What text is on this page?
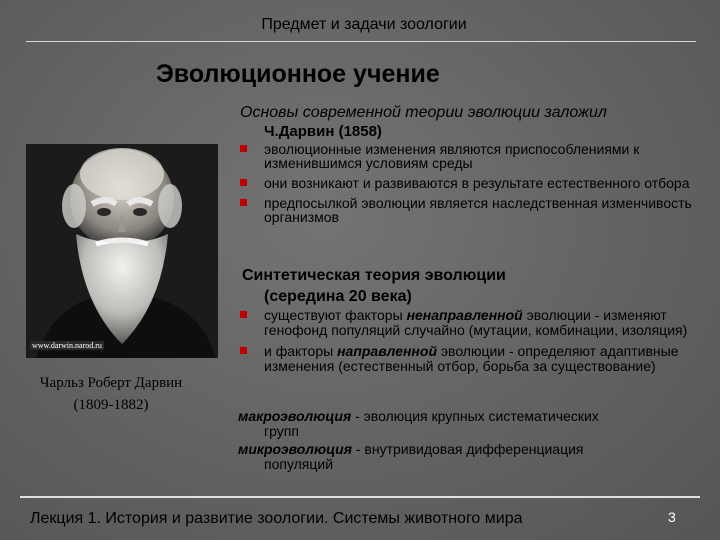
Предмет и задачи зоологии
Эволюционное учение
Основы современной теории эволюции заложил
Ч.Дарвин (1858)
эволюционные изменения являются приспособлениями к изменившимся условиям среды
они возникают и развиваются в результате естественного отбора
предпосылкой эволюции является наследственная изменчивость организмов
Синтетическая теория эволюции
(середина 20 века)
существуют факторы ненаправленной эволюции - изменяют генофонд популяций случайно (мутации, комбинации, изоляция)
и факторы направленной эволюции - определяют адаптивные изменения (естественный отбор, борьба за существование)

макроэволюция - эволюция крупных систематических
групп

микроэволюция - внутривидовая дифференциация
популяций

www.darwin.narod.ru
Чарльз Роберт Дарвин
(1809-1882)
Лекция 1. История и развитие зоологии. Системы животного мира	3
